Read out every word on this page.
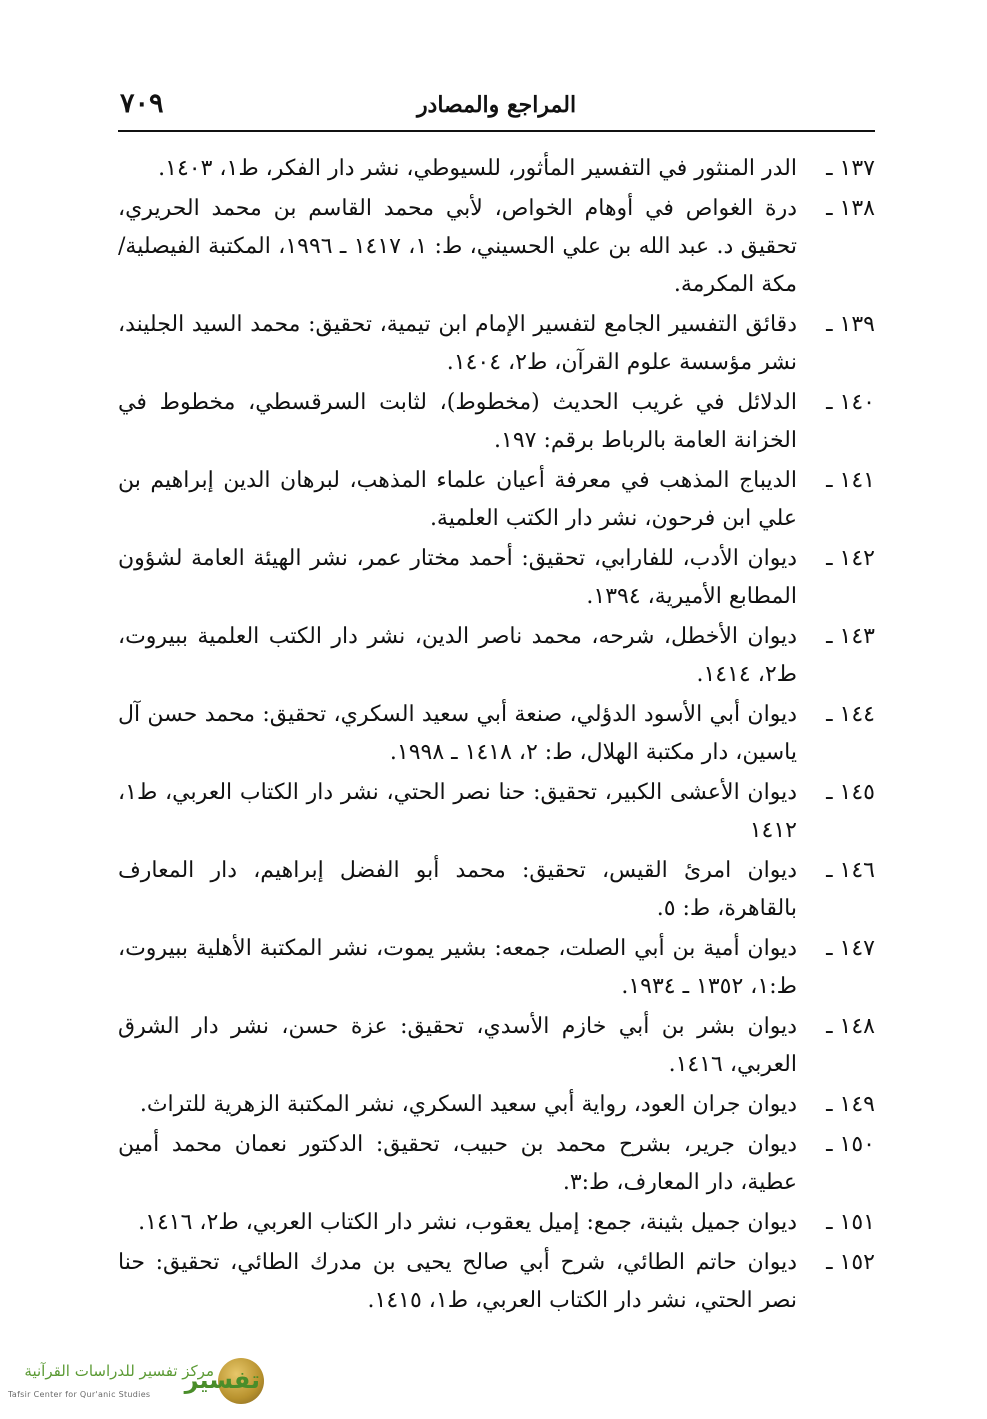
٧٠٩	المراجع والمصادر
١٣٧ ـ
الدر المنثور في التفسير المأثور، للسيوطي، نشر دار الفكر، ط١، ١٤٠٣.
١٣٨ ـ
درة الغواص في أوهام الخواص، لأبي محمد القاسم بن محمد الحريري، تحقيق د. عبد الله بن علي الحسيني، ط: ١، ١٤١٧ ـ ١٩٩٦، المكتبة الفيصلية/ مكة المكرمة.
١٣٩ ـ
دقائق التفسير الجامع لتفسير الإمام ابن تيمية، تحقيق: محمد السيد الجليند، نشر مؤسسة علوم القرآن، ط٢، ١٤٠٤.
١٤٠ ـ
الدلائل في غريب الحديث (مخطوط)، لثابت السرقسطي، مخطوط في الخزانة العامة بالرباط برقم: ١٩٧.
١٤١ ـ
الديباج المذهب في معرفة أعيان علماء المذهب، لبرهان الدين إبراهيم بن علي ابن فرحون، نشر دار الكتب العلمية.
١٤٢ ـ
ديوان الأدب، للفارابي، تحقيق: أحمد مختار عمر، نشر الهيئة العامة لشؤون المطابع الأميرية، ١٣٩٤.
١٤٣ ـ
ديوان الأخطل، شرحه، محمد ناصر الدين، نشر دار الكتب العلمية ببيروت، ط٢، ١٤١٤.
١٤٤ ـ
ديوان أبي الأسود الدؤلي، صنعة أبي سعيد السكري، تحقيق: محمد حسن آل ياسين، دار مكتبة الهلال، ط: ٢، ١٤١٨ ـ ١٩٩٨.
١٤٥ ـ
ديوان الأعشى الكبير، تحقيق: حنا نصر الحتي، نشر دار الكتاب العربي، ط١، ١٤١٢
١٤٦ ـ
ديوان امرئ القيس، تحقيق: محمد أبو الفضل إبراهيم، دار المعارف بالقاهرة، ط: ٥.
١٤٧ ـ
ديوان أمية بن أبي الصلت، جمعه: بشير يموت، نشر المكتبة الأهلية ببيروت، ط:١، ١٣٥٢ ـ ١٩٣٤.
١٤٨ ـ
ديوان بشر بن أبي خازم الأسدي، تحقيق: عزة حسن، نشر دار الشرق العربي، ١٤١٦.
١٤٩ ـ
ديوان جران العود، رواية أبي سعيد السكري، نشر المكتبة الزهرية للتراث.
١٥٠ ـ
ديوان جرير، بشرح محمد بن حبيب، تحقيق: الدكتور نعمان محمد أمين عطية، دار المعارف، ط:٣.
١٥١ ـ
ديوان جميل بثينة، جمع: إميل يعقوب، نشر دار الكتاب العربي، ط٢، ١٤١٦.
١٥٢ ـ
ديوان حاتم الطائي، شرح أبي صالح يحيى بن مدرك الطائي، تحقيق: حنا نصر الحتي، نشر دار الكتاب العربي، ط١، ١٤١٥.
تفسير
مركز تفسير للدراسات القرآنية
Tafsir Center for Qur'anic Studies
